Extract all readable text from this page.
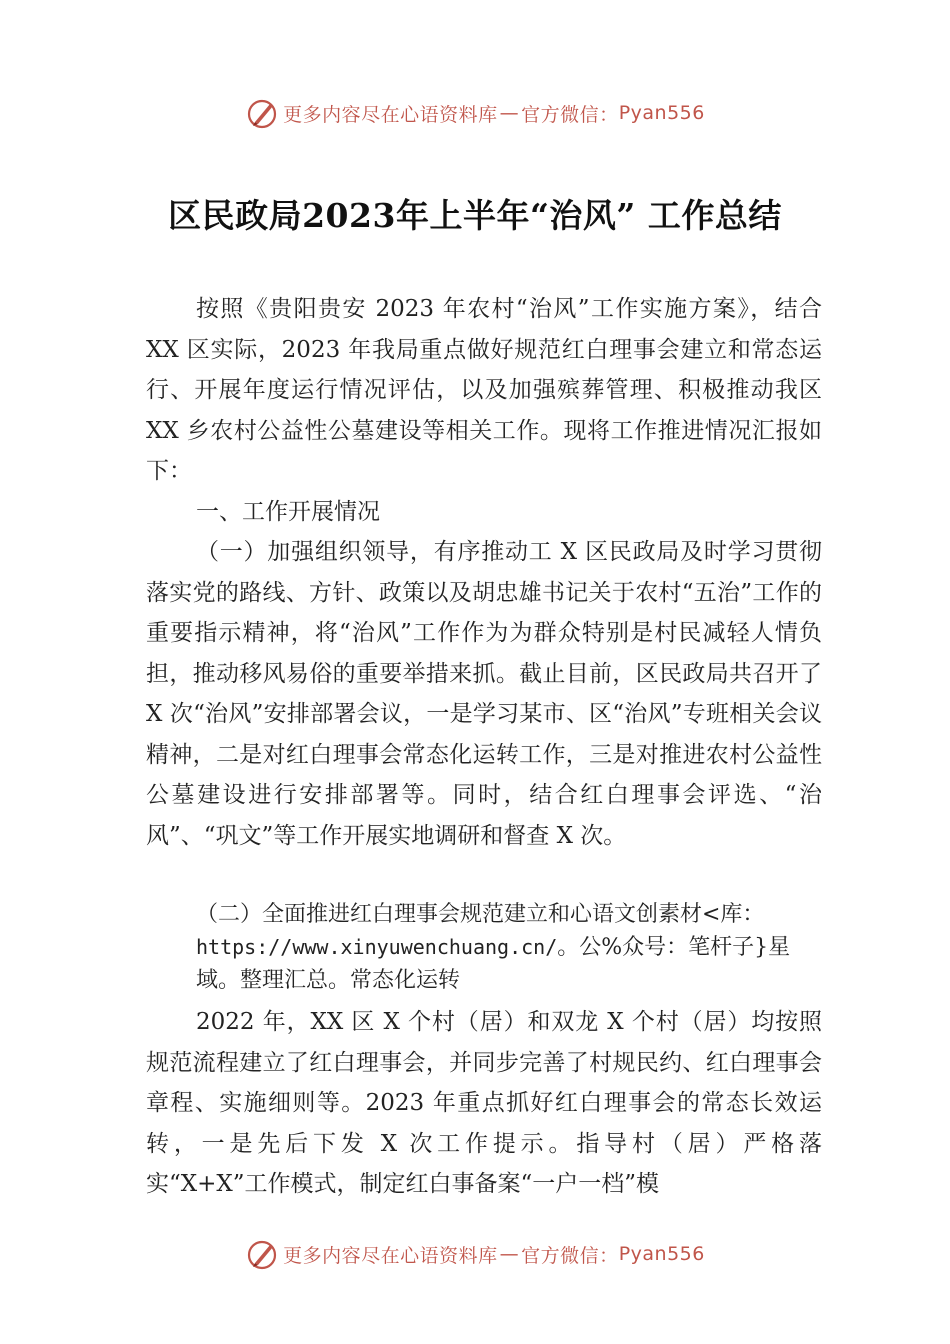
更多内容尽在心语资料库 — 官方微信： Pyan556
区民政局2023年上半年“治风” 工作总结

按照《贵阳贵安 2023 年农村“治风”工作实施方案》，结合 XX 区实际，2023 年我局重点做好规范红白理事会建立和常态运行、开展年度运行情况评估，以及加强殡葬管理、积极推动我区 XX 乡农村公益性公墓建设等相关工作。现将工作推进情况汇报如下：

一、工作开展情况

（一）加强组织领导，有序推动工 X 区民政局及时学习贯彻落实党的路线、方针、政策以及胡忠雄书记关于农村“五治”工作的重要指示精神，将“治风”工作作为为群众特别是村民减轻人情负担，推动移风易俗的重要举措来抓。截止目前，区民政局共召开了 X 次“治风”安排部署会议，一是学习某市、区“治风”专班相关会议精神，二是对红白理事会常态化运转工作，三是对推进农村公益性公墓建设进行安排部署等。同时，结合红白理事会评选、“治风”、“巩文”等工作开展实地调研和督查 X 次。

（二）全面推进红白理事会规范建立和心语文创素材<库：
https://www.xinyuwenchuang.cn/。公%众号：笔杆子}星域。整理汇总。常态化运转

2022 年，XX 区 X 个村（居）和双龙 X 个村（居）均按照规范流程建立了红白理事会，并同步完善了村规民约、红白理事会章程、实施细则等。2023 年重点抓好红白理事会的常态长效运转，一是先后下发 X 次工作提示。指导村（居）严格落实“X+X”工作模式，制定红白事备案“一户一档”模

更多内容尽在心语资料库 — 官方微信： Pyan556
